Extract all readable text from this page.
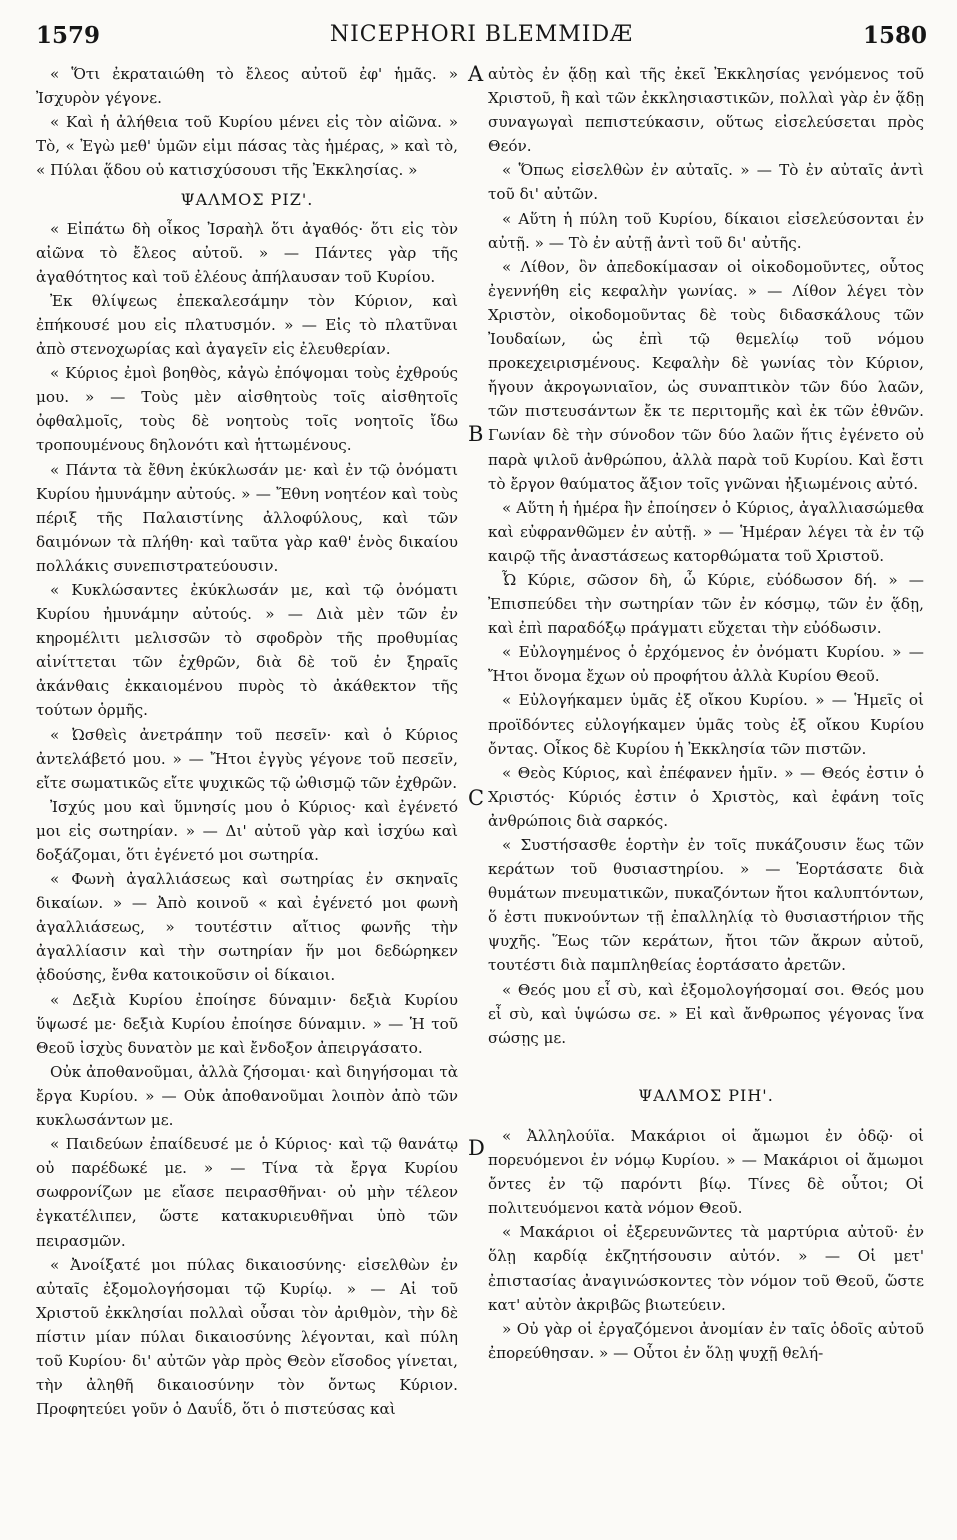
1579	NICEPHORI BLEMMIDÆ	1580

« Ὅτι ἐκραταιώθη τὸ ἔλεος αὐτοῦ ἐφ' ἡμᾶς. » Ἰσχυρὸν γέγονε.

« Καὶ ἡ ἀλήθεια τοῦ Κυρίου μένει εἰς τὸν αἰῶνα. » Τὸ, « Ἐγὼ μεθ' ὑμῶν εἰμι πάσας τὰς ἡμέρας, » καὶ τὸ, « Πύλαι ᾅδου οὐ κατισχύσουσι τῆς Ἐκκλησίας. »

ΨΑΛΜΟΣ ΡΙΖ'.

« Εἰπάτω δὴ οἶκος Ἰσραὴλ ὅτι ἀγαθός· ὅτι εἰς τὸν αἰῶνα τὸ ἔλεος αὐτοῦ. » — Πάντες γὰρ τῆς ἀγαθότητος καὶ τοῦ ἐλέους ἀπήλαυσαν τοῦ Κυρίου.

Ἐκ θλίψεως ἐπεκαλεσάμην τὸν Κύριον, καὶ ἐπήκουσέ μου εἰς πλατυσμόν. » — Εἰς τὸ πλατῦναι ἀπὸ στενοχωρίας καὶ ἀγαγεῖν εἰς ἐλευθερίαν.

« Κύριος ἐμοὶ βοηθὸς, κἀγὼ ἐπόψομαι τοὺς ἐχθρούς μου. » — Τοὺς μὲν αἰσθητοὺς τοῖς αἰσθητοῖς ὀφθαλμοῖς, τοὺς δὲ νοητοὺς τοῖς νοητοῖς ἴδω τροπουμένους δηλονότι καὶ ἡττωμένους.

« Πάντα τὰ ἔθνη ἐκύκλωσάν με· καὶ ἐν τῷ ὀνόματι Κυρίου ἠμυνάμην αὐτούς. » — Ἔθνη νοητέον καὶ τοὺς πέριξ τῆς Παλαιστίνης ἀλλοφύλους, καὶ τῶν δαιμόνων τὰ πλήθη· καὶ ταῦτα γὰρ καθ' ἑνὸς δικαίου πολλάκις συνεπιστρατεύουσιν.

« Κυκλώσαντες ἐκύκλωσάν με, καὶ τῷ ὀνόματι Κυρίου ἠμυνάμην αὐτούς. » — Διὰ μὲν τῶν ἐν κηρομέλιτι μελισσῶν τὸ σφοδρὸν τῆς προθυμίας αἰνίττεται τῶν ἐχθρῶν, διὰ δὲ τοῦ ἐν ξηραῖς ἀκάνθαις ἐκκαιομένου πυρὸς τὸ ἀκάθεκτον τῆς τούτων ὁρμῆς.

« Ὠσθεὶς ἀνετράπην τοῦ πεσεῖν· καὶ ὁ Κύριος ἀντελάβετό μου. » — Ἤτοι ἐγγὺς γέγονε τοῦ πεσεῖν, εἴτε σωματικῶς εἴτε ψυχικῶς τῷ ὠθισμῷ τῶν ἐχθρῶν.

Ἰσχύς μου καὶ ὕμνησίς μου ὁ Κύριος· καὶ ἐγένετό μοι εἰς σωτηρίαν. » — Δι' αὐτοῦ γὰρ καὶ ἰσχύω καὶ δοξάζομαι, ὅτι ἐγένετό μοι σωτηρία.

« Φωνὴ ἀγαλλιάσεως καὶ σωτηρίας ἐν σκηναῖς δικαίων. » — Ἀπὸ κοινοῦ « καὶ ἐγένετό μοι φωνὴ ἀγαλλιάσεως, » τουτέστιν αἴτιος φωνῆς τὴν ἀγαλλίασιν καὶ τὴν σωτηρίαν ἥν μοι δεδώρηκεν ᾀδούσης, ἔνθα κατοικοῦσιν οἱ δίκαιοι.

« Δεξιὰ Κυρίου ἐποίησε δύναμιν· δεξιὰ Κυρίου ὕψωσέ με· δεξιὰ Κυρίου ἐποίησε δύναμιν. » — Ἡ τοῦ Θεοῦ ἰσχὺς δυνατὸν με καὶ ἔνδοξον ἀπειργάσατο.

Οὐκ ἀποθανοῦμαι, ἀλλὰ ζήσομαι· καὶ διηγήσομαι τὰ ἔργα Κυρίου. » — Οὐκ ἀποθανοῦμαι λοιπὸν ἀπὸ τῶν κυκλωσάντων με.

« Παιδεύων ἐπαίδευσέ με ὁ Κύριος· καὶ τῷ θανάτῳ οὐ παρέδωκέ με. » — Τίνα τὰ ἔργα Κυρίου σωφρονίζων με εἴασε πειρασθῆναι· οὐ μὴν τέλεον ἐγκατέλιπεν, ὥστε κατακυριευθῆναι ὑπὸ τῶν πειρασμῶν.

« Ἀνοίξατέ μοι πύλας δικαιοσύνης· εἰσελθὼν ἐν αὐταῖς ἐξομολογήσομαι τῷ Κυρίῳ. » — Αἱ τοῦ Χριστοῦ ἐκκλησίαι πολλαὶ οὖσαι τὸν ἀριθμὸν, τὴν δὲ πίστιν μίαν πύλαι δικαιοσύνης λέγονται, καὶ πύλη τοῦ Κυρίου· δι' αὐτῶν γὰρ πρὸς Θεὸν εἴσοδος γίνεται, τὴν ἀληθῆ δικαιοσύνην τὸν ὄντως Κύριον. Προφητεύει γοῦν ὁ Δαυΐδ, ὅτι ὁ πιστεύσας καὶ

A
B
C
D

αὐτὸς ἐν ᾅδῃ καὶ τῆς ἐκεῖ Ἐκκλησίας γενόμενος τοῦ Χριστοῦ, ἢ καὶ τῶν ἐκκλησιαστικῶν, πολλαὶ γὰρ ἐν ᾅδῃ συναγωγαὶ πεπιστεύκασιν, οὕτως εἰσελεύσεται πρὸς Θεόν.

« Ὅπως εἰσελθὼν ἐν αὐταῖς. » — Τὸ ἐν αὐταῖς ἀντὶ τοῦ δι' αὐτῶν.

« Αὕτη ἡ πύλη τοῦ Κυρίου, δίκαιοι εἰσελεύσονται ἐν αὐτῇ. » — Τὸ ἐν αὐτῇ ἀντὶ τοῦ δι' αὐτῆς.

« Λίθον, ὃν ἀπεδοκίμασαν οἱ οἰκοδομοῦντες, οὗτος ἐγεννήθη εἰς κεφαλὴν γωνίας. » — Λίθον λέγει τὸν Χριστὸν, οἰκοδομοῦντας δὲ τοὺς διδασκάλους τῶν Ἰουδαίων, ὡς ἐπὶ τῷ θεμελίῳ τοῦ νόμου προκεχειρισμένους. Κεφαλὴν δὲ γωνίας τὸν Κύριον, ἤγουν ἀκρογωνιαῖον, ὡς συναπτικὸν τῶν δύο λαῶν, τῶν πιστευσάντων ἔκ τε περιτομῆς καὶ ἐκ τῶν ἐθνῶν. Γωνίαν δὲ τὴν σύνοδον τῶν δύο λαῶν ἥτις ἐγένετο οὐ παρὰ ψιλοῦ ἀνθρώπου, ἀλλὰ παρὰ τοῦ Κυρίου. Καὶ ἔστι τὸ ἔργον θαύματος ἄξιον τοῖς γνῶναι ἠξιωμένοις αὐτό.

« Αὕτη ἡ ἡμέρα ἣν ἐποίησεν ὁ Κύριος, ἀγαλλιασώμεθα καὶ εὐφρανθῶμεν ἐν αὐτῇ. » — Ἡμέραν λέγει τὰ ἐν τῷ καιρῷ τῆς ἀναστάσεως κατορθώματα τοῦ Χριστοῦ.

Ὦ Κύριε, σῶσον δὴ, ὦ Κύριε, εὐόδωσον δή. » — Ἐπισπεύδει τὴν σωτηρίαν τῶν ἐν κόσμῳ, τῶν ἐν ᾅδῃ, καὶ ἐπὶ παραδόξῳ πράγματι εὔχεται τὴν εὐόδωσιν.

« Εὐλογημένος ὁ ἐρχόμενος ἐν ὀνόματι Κυρίου. » — Ἤτοι ὄνομα ἔχων οὐ προφήτου ἀλλὰ Κυρίου Θεοῦ.

« Εὐλογήκαμεν ὑμᾶς ἐξ οἴκου Κυρίου. » — Ἡμεῖς οἱ προϊδόντες εὐλογήκαμεν ὑμᾶς τοὺς ἐξ οἴκου Κυρίου ὄντας. Οἶκος δὲ Κυρίου ἡ Ἐκκλησία τῶν πιστῶν.

« Θεὸς Κύριος, καὶ ἐπέφανεν ἡμῖν. » — Θεός ἐστιν ὁ Χριστός· Κύριός ἐστιν ὁ Χριστὸς, καὶ ἐφάνη τοῖς ἀνθρώποις διὰ σαρκός.

« Συστήσασθε ἑορτὴν ἐν τοῖς πυκάζουσιν ἕως τῶν κεράτων τοῦ θυσιαστηρίου. » — Ἑορτάσατε διὰ θυμάτων πνευματικῶν, πυκαζόντων ἤτοι καλυπτόντων, ὅ ἐστι πυκνούντων τῇ ἐπαλληλίᾳ τὸ θυσιαστήριον τῆς ψυχῆς. Ἕως τῶν κεράτων, ἤτοι τῶν ἄκρων αὐτοῦ, τουτέστι διὰ παμπληθείας ἑορτάσατο ἀρετῶν.

« Θεός μου εἶ σὺ, καὶ ἐξομολογήσομαί σοι. Θεός μου εἶ σὺ, καὶ ὑψώσω σε. » Εἰ καὶ ἄνθρωπος γέγονας ἵνα σώσῃς με.

ΨΑΛΜΟΣ ΡΙΗ'.

« Ἀλληλούϊα. Μακάριοι οἱ ἄμωμοι ἐν ὁδῷ· οἱ πορευόμενοι ἐν νόμῳ Κυρίου. » — Μακάριοι οἱ ἄμωμοι ὄντες ἐν τῷ παρόντι βίῳ. Τίνες δὲ οὗτοι; Οἱ πολιτευόμενοι κατὰ νόμον Θεοῦ.

« Μακάριοι οἱ ἐξερευνῶντες τὰ μαρτύρια αὐτοῦ· ἐν ὅλῃ καρδίᾳ ἐκζητήσουσιν αὐτόν. » — Οἱ μετ' ἐπιστασίας ἀναγινώσκοντες τὸν νόμον τοῦ Θεοῦ, ὥστε κατ' αὐτὸν ἀκριβῶς βιωτεύειν.

» Οὐ γὰρ οἱ ἐργαζόμενοι ἀνομίαν ἐν ταῖς ὁδοῖς αὐτοῦ ἐπορεύθησαν. » — Οὗτοι ἐν ὅλῃ ψυχῇ θελή-
